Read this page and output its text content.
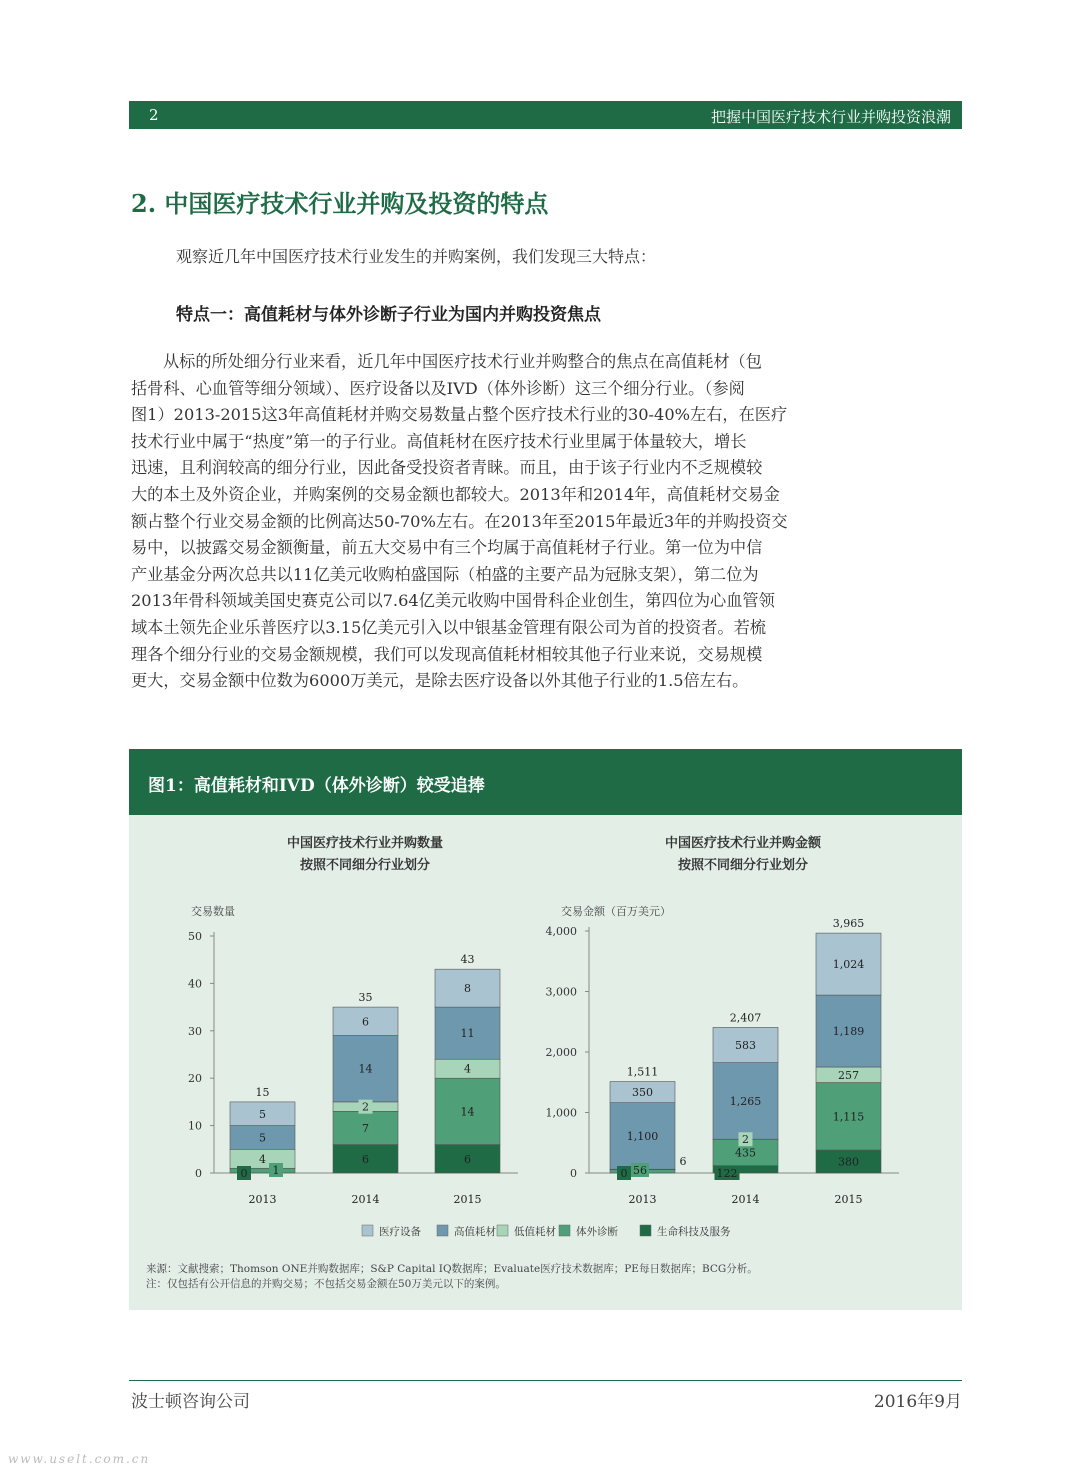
2	把握中国医疗技术行业并购投资浪潮
2. 中国医疗技术行业并购及投资的特点
观察近几年中国医疗技术行业发生的并购案例，我们发现三大特点：
特点一：高值耗材与体外诊断子行业为国内并购投资焦点
从标的所处细分行业来看，近几年中国医疗技术行业并购整合的焦点在高值耗材（包
括骨科、心血管等细分领域）、医疗设备以及IVD（体外诊断）这三个细分行业。（参阅
图1）2013-2015这3年高值耗材并购交易数量占整个医疗技术行业的30-40%左右，在医疗
技术行业中属于“热度”第一的子行业。高值耗材在医疗技术行业里属于体量较大，增长
迅速，且利润较高的细分行业，因此备受投资者青睐。而且，由于该子行业内不乏规模较
大的本土及外资企业，并购案例的交易金额也都较大。2013年和2014年，高值耗材交易金
额占整个行业交易金额的比例高达50-70%左右。在2013年至2015年最近3年的并购投资交
易中，以披露交易金额衡量，前五大交易中有三个均属于高值耗材子行业。第一位为中信
产业基金分两次总共以11亿美元收购柏盛国际（柏盛的主要产品为冠脉支架），第二位为
2013年骨科领域美国史赛克公司以7.64亿美元收购中国骨科企业创生，第四位为心血管领
域本土领先企业乐普医疗以3.15亿美元引入以中银基金管理有限公司为首的投资者。若梳
理各个细分行业的交易金额规模，我们可以发现高值耗材相较其他子行业来说，交易规模
更大，交易金额中位数为6000万美元，是除去医疗设备以外其他子行业的1.5倍左右。
图1：高值耗材和IVD（体外诊断）较受追捧
中国医疗技术行业并购数量
按照不同细分行业划分
交易数量
0
10
20
30
40
50
0 1
4
5
5
15
2013
6
7
2
14
6
35
2014
6
14
4
11
8
43
2015
中国医疗技术行业并购金额
按照不同细分行业划分
交易金额（百万美元）
0
1,000
2,000
3,000
4,000
0 56
6
1,100
350
1,511
2013
122
435
2
1,265
583
2,407
2014
380
1,115
257
1,189
1,024
3,965
2015
医疗设备	高值耗材 低值耗材 体外诊断	生命科技及服务
来源：文献搜索；Thomson ONE并购数据库；S&P Capital IQ数据库；Evaluate医疗技术数据库；PE每日数据库；BCG分析。
注：仅包括有公开信息的并购交易；不包括交易金额在50万美元以下的案例。
波士顿咨询公司	2016年9月
www.uselt.com.cn
